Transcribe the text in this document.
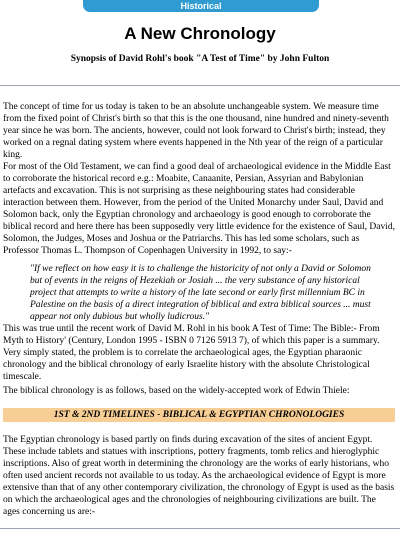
Historical
A New Chronology
Synopsis of David Rohl's book "A Test of Time" by John Fulton

The concept of time for us today is taken to be an absolute unchangeable system. We measure time from the fixed point of Christ's birth so that this is the one thousand, nine hundred and ninety-seventh year since he was born. The ancients, however, could not look forward to Christ's birth; instead, they worked on a regnal dating system where events happened in the Nth year of the reign of a particular king.

For most of the Old Testament, we can find a good deal of archaeological evidence in the Middle East to corroborate the historical record e.g.: Moabite, Canaanite, Persian, Assyrian and Babylonian artefacts and excavation. This is not surprising as these neighbouring states had considerable interaction between them. However, from the period of the United Monarchy under Saul, David and Solomon back, only the Egyptian chronology and archaeology is good enough to corroborate the biblical record and here there has been supposedly very little evidence for the existence of Saul, David, Solomon, the Judges, Moses and Joshua or the Patriarchs. This has led some scholars, such as Professor Thomas L. Thompson of Copenhagen University in 1992, to say:-

"If we reflect on how easy it is to challenge the historicity of not only a David or Solomon but of events in the reigns of Hezekiah or Josiah ... the very substance of any historical project that attempts to write a history of the late second or early first millennium BC in Palestine on the basis of a direct integration of biblical and extra biblical sources ... must appear not only dubious but wholly ludicrous."

This was true until the recent work of David M. Rohl in his book A Test of Time: The Bible:- From Myth to History' (Century, London 1995 - ISBN 0 7126 5913 7), of which this paper is a summary. Very simply stated, the problem is to correlate the archaeological ages, the Egyptian pharaonic chronology and the biblical chronology of early Israelite history with the absolute Christological timescale.

The biblical chronology is as follows, based on the widely-accepted work of Edwin Thiele:

1ST & 2ND TIMELINES - BIBLICAL & EGYPTIAN CHRONOLOGIES

The Egyptian chronology is based partly on finds during excavation of the sites of ancient Egypt. These include tablets and statues with inscriptions, pottery fragments, tomb relics and hieroglyphic inscriptions. Also of great worth in determining the chronology are the works of early historians, who often used ancient records not available to us today. As the archaeological evidence of Egypt is more extensive than that of any other contemporary civilization, the chronology of Egypt is used as the basis on which the archaeological ages and the chronologies of neighbouring civilizations are built. The ages concerning us are:-
